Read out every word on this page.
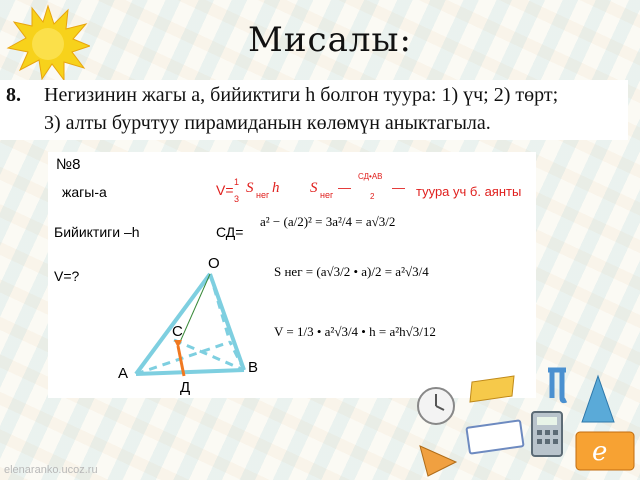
Мисалы:
8. Негизинин жагы a, бийиктиги h болгон туура: 1) үч; 2) төрт;
3) алты бурчтуу пирамиданын көлөмүн аныктагыла.
№8
жагы-а	V= 1
3
S нег h S нег —
СД•АВ
2
— туура уч б. аянты
Бийиктиги –h	СД=
a² − (a/2)² = 3a²/4 = a√3/2
V=?	S нег = (a√3/2 • a)/2 = a²√3/4
V = 1/3 • a²√3/4 • h = a²h√3/12
O
C
A	B
Д
e
elenaranko.ucoz.ru
